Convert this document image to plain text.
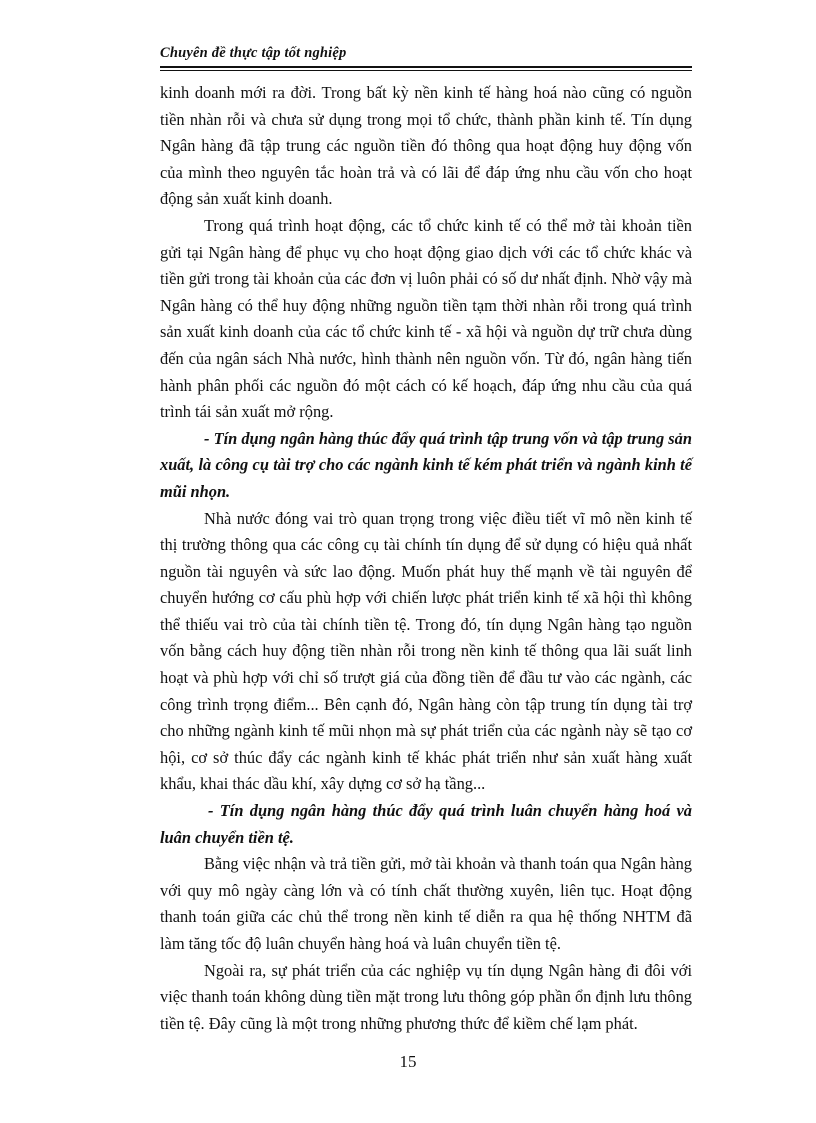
Chuyên đề thực tập tốt nghiệp

kinh doanh mới ra đời. Trong bất kỳ nền kinh tế hàng hoá nào cũng có nguồn tiền nhàn rỗi và chưa sử dụng trong mọi tổ chức, thành phần kinh tế. Tín dụng Ngân hàng đã tập trung các nguồn tiền đó thông qua hoạt động huy động vốn của mình theo nguyên tắc hoàn trả và có lãi để đáp ứng nhu cầu vốn cho hoạt động sản xuất kinh doanh.

Trong quá trình hoạt động, các tổ chức kinh tế có thể mở tài khoản tiền gửi tại Ngân hàng để phục vụ cho hoạt động giao dịch với các tổ chức khác và tiền gửi trong tài khoản của các đơn vị luôn phải có số dư nhất định. Nhờ vậy mà Ngân hàng có thể huy động những nguồn tiền tạm thời nhàn rỗi trong quá trình sản xuất kinh doanh của các tổ chức kinh tế - xã hội và nguồn dự trữ chưa dùng đến của ngân sách Nhà nước, hình thành nên nguồn vốn. Từ đó, ngân hàng tiến hành phân phối các nguồn đó một cách có kế hoạch, đáp ứng nhu cầu của quá trình tái sản xuất mở rộng.

- Tín dụng ngân hàng thúc đẩy quá trình tập trung vốn và tập trung sản xuất, là công cụ tài trợ cho các ngành kinh tế kém phát triển và ngành kinh tế mũi nhọn.

Nhà nước đóng vai trò quan trọng trong việc điều tiết vĩ mô nền kinh tế thị trường thông qua các công cụ tài chính tín dụng để sử dụng có hiệu quả nhất nguồn tài nguyên và sức lao động. Muốn phát huy thế mạnh về tài nguyên để chuyển hướng cơ cấu phù hợp với chiến lược phát triển kinh tế xã hội thì không thể thiếu vai trò của tài chính tiền tệ. Trong đó, tín dụng Ngân hàng tạo nguồn vốn bằng cách huy động tiền nhàn rỗi trong nền kinh tế thông qua lãi suất linh hoạt và phù hợp với chỉ số trượt giá của đồng tiền để đầu tư vào các ngành, các công trình trọng điểm... Bên cạnh đó, Ngân hàng còn tập trung tín dụng tài trợ cho những ngành kinh tế mũi nhọn mà sự phát triển của các ngành này sẽ tạo cơ hội, cơ sở thúc đẩy các ngành kinh tế khác phát triển như sản xuất hàng xuất khẩu, khai thác dầu khí, xây dựng cơ sở hạ tầng...

- Tín dụng ngân hàng thúc đẩy quá trình luân chuyển hàng hoá và luân chuyển tiền tệ.

Bằng việc nhận và trả tiền gửi, mở tài khoản và thanh toán qua Ngân hàng với quy mô ngày càng lớn và có tính chất thường xuyên, liên tục. Hoạt động thanh toán giữa các chủ thể trong nền kinh tế diễn ra qua hệ thống NHTM đã làm tăng tốc độ luân chuyển hàng hoá và luân chuyển tiền tệ.

Ngoài ra, sự phát triển của các nghiệp vụ tín dụng Ngân hàng đi đôi với việc thanh toán không dùng tiền mặt trong lưu thông góp phần ổn định lưu thông tiền tệ. Đây cũng là một trong những phương thức để kiềm chế lạm phát.

15
